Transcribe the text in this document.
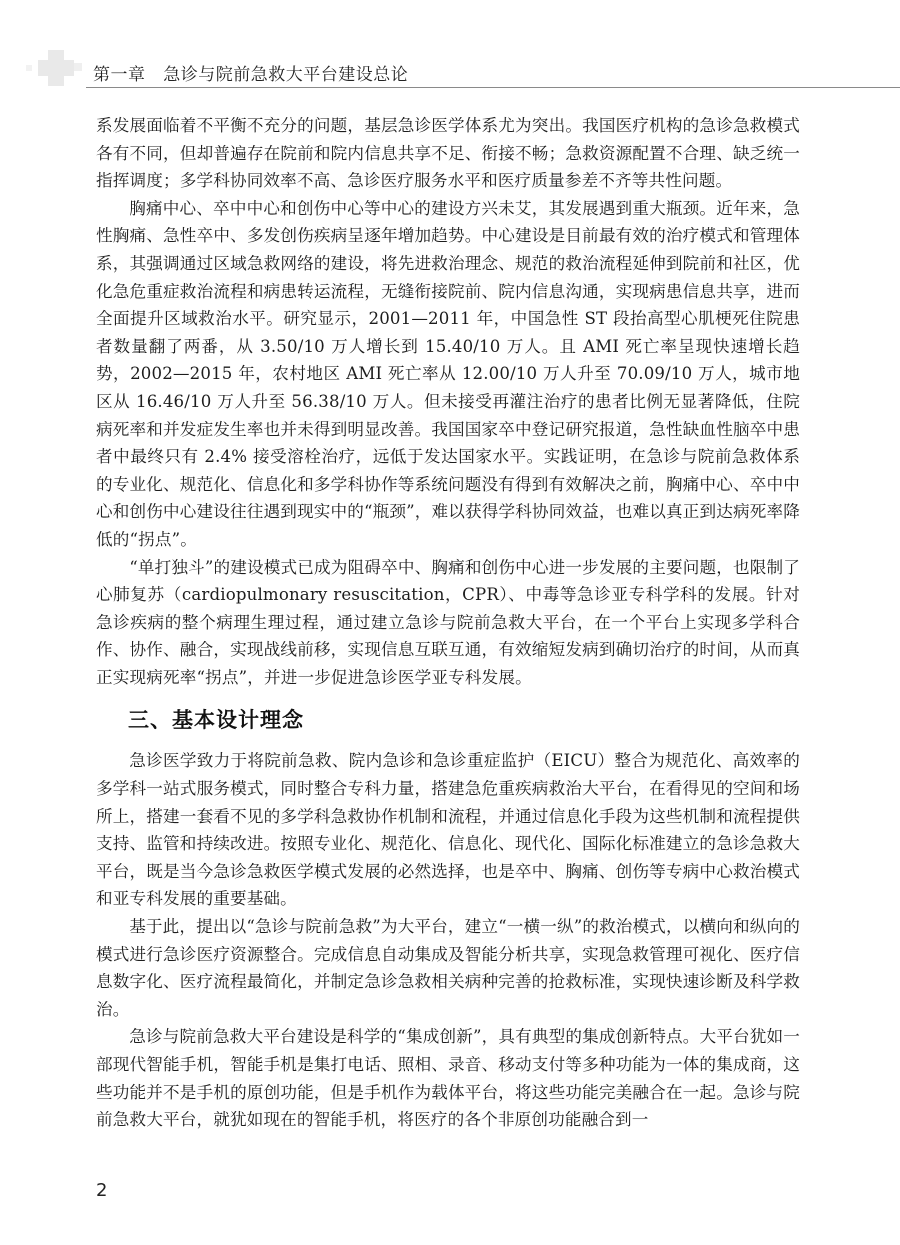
第一章   急诊与院前急救大平台建设总论

系发展面临着不平衡不充分的问题，基层急诊医学体系尤为突出。我国医疗机构的急诊急救模式各有不同，但却普遍存在院前和院内信息共享不足、衔接不畅；急救资源配置不合理、缺乏统一指挥调度；多学科协同效率不高、急诊医疗服务水平和医疗质量参差不齐等共性问题。

胸痛中心、卒中中心和创伤中心等中心的建设方兴未艾，其发展遇到重大瓶颈。近年来，急性胸痛、急性卒中、多发创伤疾病呈逐年增加趋势。中心建设是目前最有效的治疗模式和管理体系，其强调通过区域急救网络的建设，将先进救治理念、规范的救治流程延伸到院前和社区，优化急危重症救治流程和病患转运流程，无缝衔接院前、院内信息沟通，实现病患信息共享，进而全面提升区域救治水平。研究显示，2001—2011 年，中国急性 ST 段抬高型心肌梗死住院患者数量翻了两番，从 3.50/10 万人增长到 15.40/10 万人。且 AMI 死亡率呈现快速增长趋势，2002—2015 年，农村地区 AMI 死亡率从 12.00/10 万人升至 70.09/10 万人，城市地区从 16.46/10 万人升至 56.38/10 万人。但未接受再灌注治疗的患者比例无显著降低，住院病死率和并发症发生率也并未得到明显改善。我国国家卒中登记研究报道，急性缺血性脑卒中患者中最终只有 2.4% 接受溶栓治疗，远低于发达国家水平。实践证明，在急诊与院前急救体系的专业化、规范化、信息化和多学科协作等系统问题没有得到有效解决之前，胸痛中心、卒中中心和创伤中心建设往往遇到现实中的“瓶颈”，难以获得学科协同效益，也难以真正到达病死率降低的“拐点”。

“单打独斗”的建设模式已成为阻碍卒中、胸痛和创伤中心进一步发展的主要问题，也限制了心肺复苏（cardiopulmonary resuscitation，CPR）、中毒等急诊亚专科学科的发展。针对急诊疾病的整个病理生理过程，通过建立急诊与院前急救大平台，在一个平台上实现多学科合作、协作、融合，实现战线前移，实现信息互联互通，有效缩短发病到确切治疗的时间，从而真正实现病死率“拐点”，并进一步促进急诊医学亚专科发展。

三、基本设计理念

急诊医学致力于将院前急救、院内急诊和急诊重症监护（EICU）整合为规范化、高效率的多学科一站式服务模式，同时整合专科力量，搭建急危重疾病救治大平台，在看得见的空间和场所上，搭建一套看不见的多学科急救协作机制和流程，并通过信息化手段为这些机制和流程提供支持、监管和持续改进。按照专业化、规范化、信息化、现代化、国际化标准建立的急诊急救大平台，既是当今急诊急救医学模式发展的必然选择，也是卒中、胸痛、创伤等专病中心救治模式和亚专科发展的重要基础。

基于此，提出以“急诊与院前急救”为大平台，建立“一横一纵”的救治模式，以横向和纵向的模式进行急诊医疗资源整合。完成信息自动集成及智能分析共享，实现急救管理可视化、医疗信息数字化、医疗流程最简化，并制定急诊急救相关病种完善的抢救标准，实现快速诊断及科学救治。

急诊与院前急救大平台建设是科学的“集成创新”，具有典型的集成创新特点。大平台犹如一部现代智能手机，智能手机是集打电话、照相、录音、移动支付等多种功能为一体的集成商，这些功能并不是手机的原创功能，但是手机作为载体平台，将这些功能完美融合在一起。急诊与院前急救大平台，就犹如现在的智能手机，将医疗的各个非原创功能融合到一

2
